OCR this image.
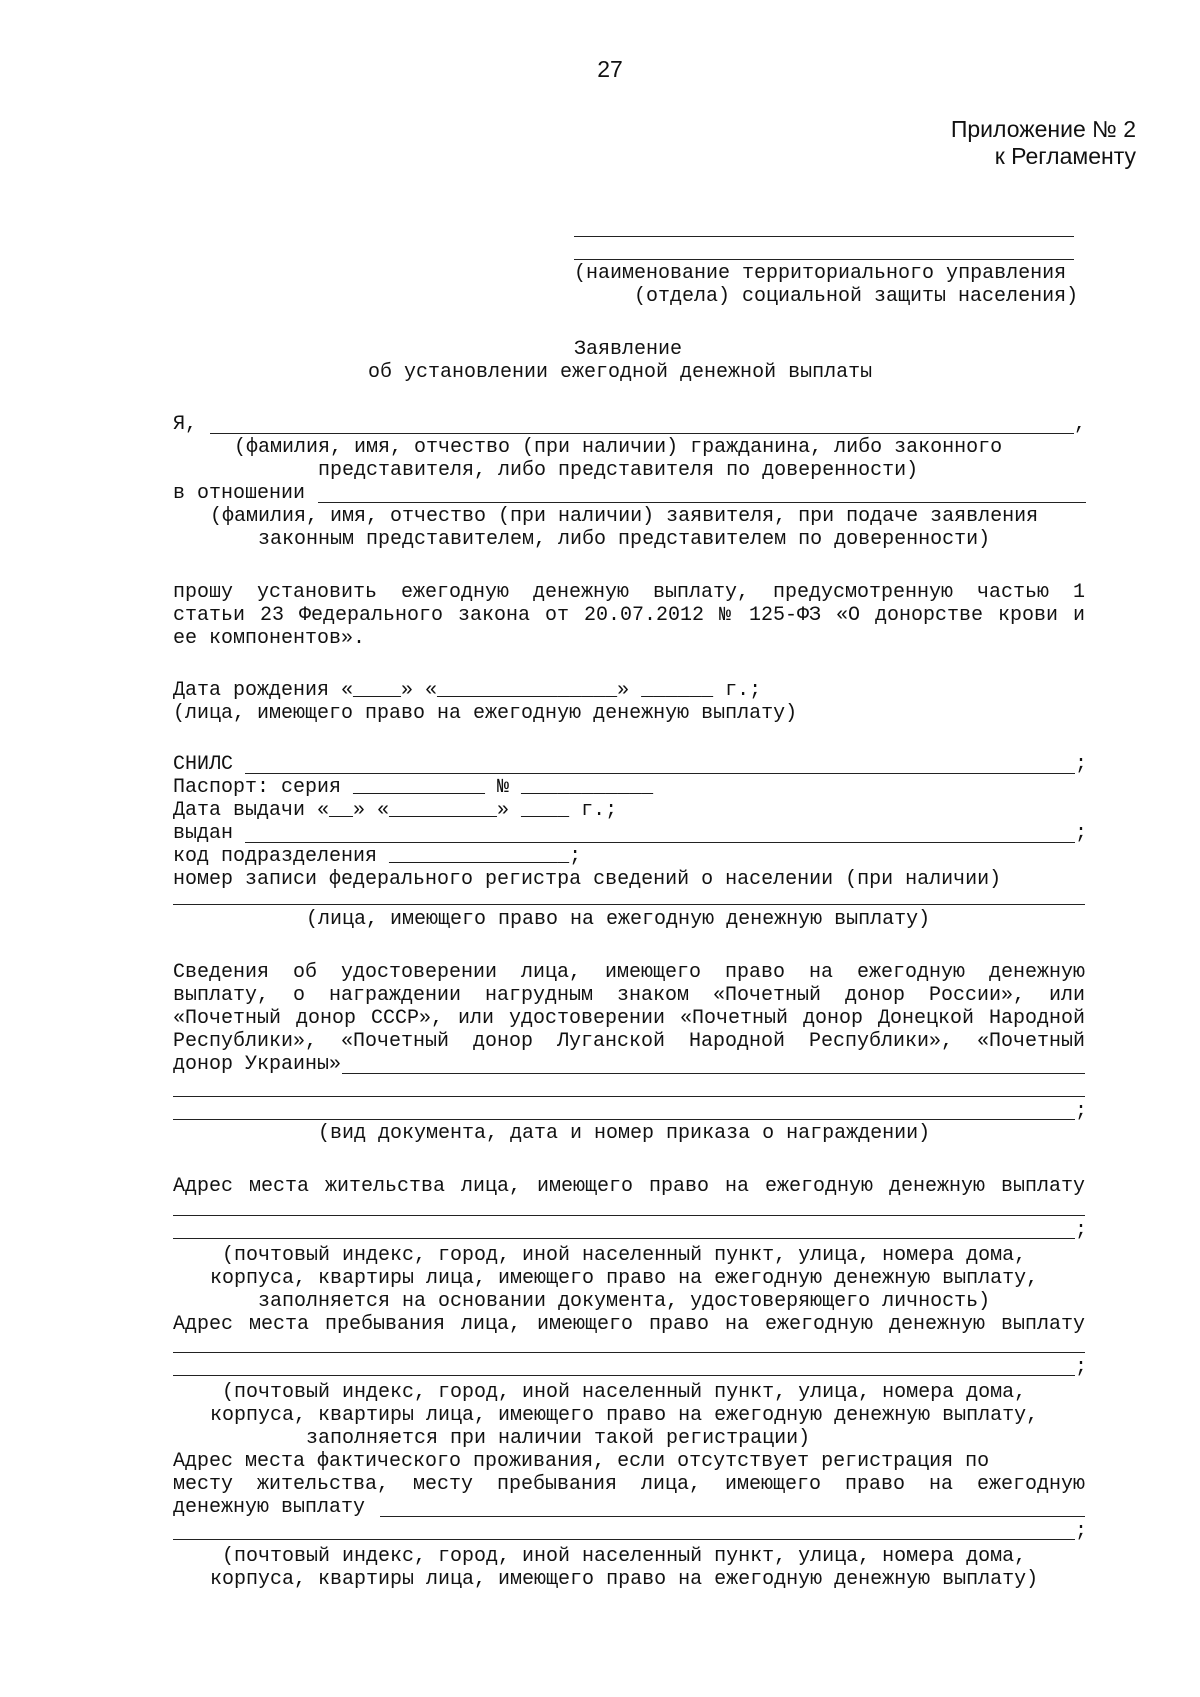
27
Приложение № 2
к Регламенту
(наименование территориального управления
(отдела) социальной защиты населения)
Заявление
об установлении ежегодной денежной выплаты
Я,	,
(фамилия, имя, отчество (при наличии) гражданина, либо законного
представителя, либо представителя по доверенности)
в отношении
(фамилия, имя, отчество (при наличии) заявителя, при подаче заявления
законным представителем, либо представителем по доверенности)
прошу установить ежегодную денежную выплату, предусмотренную частью 1
статьи 23 Федерального закона от 20.07.2012 № 125-ФЗ «О донорстве крови и
ее компонентов».
Дата рождения «____» «_______________» ______ г.;
(лица, имеющего право на ежегодную денежную выплату)
СНИЛС	;
Паспорт: серия ___________ № ___________
Дата выдачи «__» «_________» ____ г.;
выдан	;
код подразделения _______________;
номер записи федерального регистра сведений о населении (при наличии)
(лица, имеющего право на ежегодную денежную выплату)
Сведения об удостоверении лица, имеющего право на ежегодную денежную
выплату, о награждении нагрудным знаком «Почетный донор России», или
«Почетный донор СССР», или удостоверении «Почетный донор Донецкой Народной
Республики», «Почетный донор Луганской Народной Республики», «Почетный
донор Украины»
;
(вид документа, дата и номер приказа о награждении)
Адрес места жительства лица, имеющего право на ежегодную денежную выплату
;
(почтовый индекс, город, иной населенный пункт, улица, номера дома,
корпуса, квартиры лица, имеющего право на ежегодную денежную выплату,
заполняется на основании документа, удостоверяющего личность)
Адрес места пребывания лица, имеющего право на ежегодную денежную выплату
;
(почтовый индекс, город, иной населенный пункт, улица, номера дома,
корпуса, квартиры лица, имеющего право на ежегодную денежную выплату,
заполняется при наличии такой регистрации)
Адрес места фактического проживания, если отсутствует регистрация по
месту жительства, месту пребывания лица, имеющего право на ежегодную
денежную выплату
;
(почтовый индекс, город, иной населенный пункт, улица, номера дома,
корпуса, квартиры лица, имеющего право на ежегодную денежную выплату)
